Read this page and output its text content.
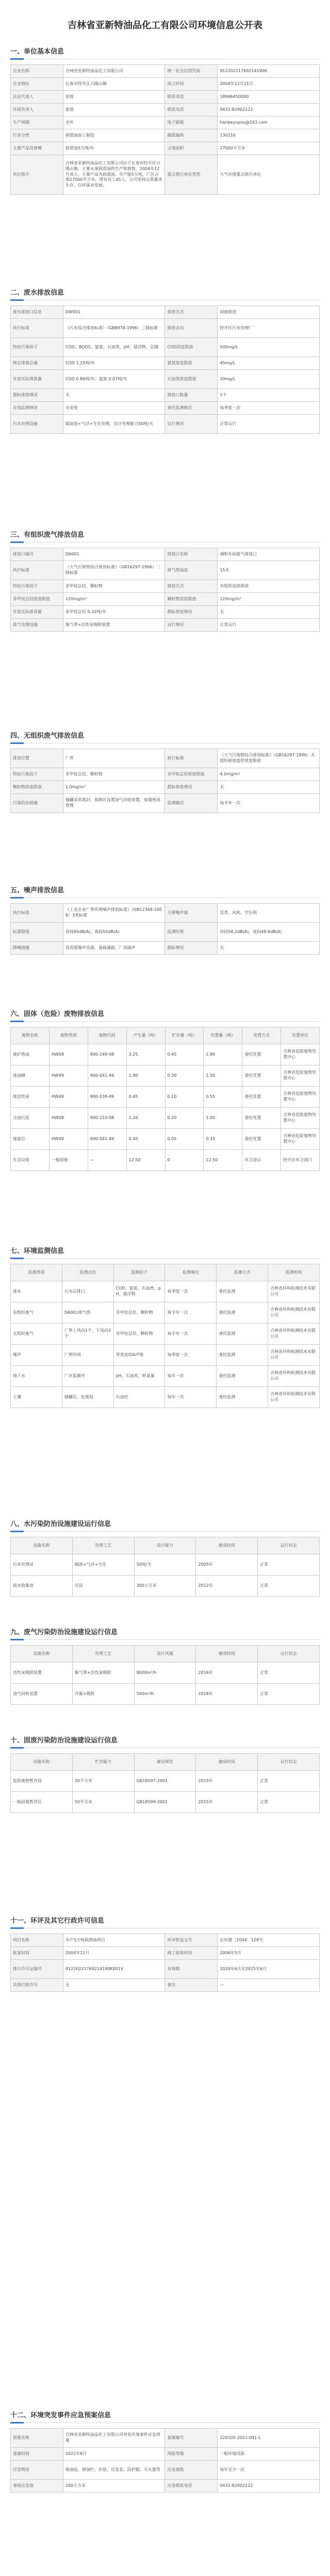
吉林省亚新特油品化工有限公司环境信息公开表
一、单位基本信息
企业名称	吉林省亚新特油品化工有限公司	统一社会信用代码	91220221769214190K
企业地址	长春市经开区兴隆山镇	成立时间	2004年12月21日
法定代表人	张旭	联系电话	18946450000
环保负责人	张旭	联系电话	0431-82902222
生产周期	全年	电子邮箱	hanbeyuyou@163.com
行业分类	润滑油加工制造	邮政编码	130216
主要产品及规模	润滑油5万吨/年	占地面积	27000平方米
单位简介	吉林省亚新特油品化工有限公司位于长春市经开区兴隆山镇，主要从事润滑油的生产和销售，2004年12月成立，主要产品为润滑油，年产能5万吨，厂区占地27000平方米，现有员工45人，公司坚持以质量求生存，以环保求发展。	重点排污单位类型	大气环境重点排污单位
二、废水排放信息
废水排放口信息	DW001	排放方式	间接排放
执行标准	《污水综合排放标准》（GB8978-1996）三级标准	排放去向	经开区污水处理厂
特征污染因子	COD、BOD5、氨氮、石油类、pH、悬浮物、总磷	COD浓度限值	500mg/L
核定排放总量	COD 1.25吨/年	氨氮浓度限值	45mg/L
年度实际排放量	COD 0.86吨/年；氨氮 0.07吨/年	石油类浓度限值	20mg/L
超标排放情况	无	排放口数量	1个
在线监测情况	未安装	委托监测频次	每季度一次
污水处理设施	隔油池+气浮+生化处理，设计处理能力50吨/天	运行情况	正常运行
三、有组织废气排放信息
排放口编号	DA001	排放口名称	调和车间废气排放口
执行标准	《大气污染物综合排放标准》（GB16297-1996）二级标准	排气筒高度	15米
特征污染因子	非甲烷总烃、颗粒物	排放方式	有组织连续排放
非甲烷总烃浓度限值	120mg/m³	颗粒物浓度限值	120mg/m³
年度实际排放量	非甲烷总烃 0.32吨/年	超标排放情况	无
废气处理设施	集气罩+活性炭吸附装置	运行情况	正常运行
四、无组织废气排放信息
排放位置	厂界	执行标准	《大气污染物综合排放标准》（GB16297-1996）无组织排放监控浓度限值
特征污染因子	非甲烷总烃、颗粒物	非甲烷总烃浓度限值	4.0mg/m³
颗粒物浓度限值	1.0mg/m³	超标排放情况	无
污染防治措施	储罐采用氮封，装卸区设置油气回收装置，加强密闭管理	监测频次	每半年一次
五、噪声排放信息
执行标准	《工业企业厂界环境噪声排放标准》（GB12348-2008）3类标准	主要噪声源	泵类、风机、空压机
标准限值	昼间65dB(A)，夜间55dB(A)	监测结果	昼间58.2dB(A)，夜间48.6dB(A)
降噪措施	选用低噪声设备，基础减振，厂房隔声	超标情况	无
六、固体（危险）废物排放信息
废物名称	废物类别	废物代码	产生量（吨）	贮存量（吨）	处置量（吨）	处置方式	处置单位
废矿物油	HW08	900-249-08	3.25	0.45	2.80	委托处置	吉林省危险废物处置中心
废油桶	HW49	900-041-49	1.80	0.30	1.50	委托处置	吉林省危险废物处置中心
废活性炭	HW49	900-039-49	0.65	0.10	0.55	委托处置	吉林省危险废物处置中心
含油污泥	HW08	900-210-08	1.20	0.20	1.00	委托处置	吉林省危险废物处置中心
废滤芯	HW49	900-041-49	0.40	0.05	0.35	委托处置	吉林省危险废物处置中心
生活垃圾	一般固废	—	12.50	0	12.50	环卫清运	经开区环卫部门
七、环境监测信息
监测类别	监测点位	监测因子	监测频次	监测方式	监测机构
废水	污水总排口	COD、氨氮、石油类、pH、悬浮物	每季度一次	委托监测	吉林省环科检测技术有限公司
有组织废气	DA001排气筒	非甲烷总烃、颗粒物	每半年一次	委托监测	吉林省环科检测技术有限公司
无组织废气	厂界上风向1个、下风向3个	非甲烷总烃、颗粒物	每半年一次	委托监测	吉林省环科检测技术有限公司
噪声	厂界四周	等效连续A声级	每季度一次	委托监测	吉林省环科检测技术有限公司
地下水	厂区监测井	pH、石油类、耗氧量	每年一次	委托监测	吉林省环科检测技术有限公司
土壤	储罐区、危废间	石油烃	每年一次	委托监测	吉林省环科检测技术有限公司
八、水污染防治设施建设运行信息
设施名称	处理工艺	设计能力	建成时间	运行状态
污水处理站	隔油+气浮+生化	50吨/天	2005年	正常
雨水收集池	沉淀	300立方米	2012年	正常
九、废气污染防治设施建设运行信息
设施名称	处理工艺	设计风量	建成时间	运行状态
活性炭吸附装置	集气罩+活性炭吸附	8000m³/h	2016年	正常
油气回收装置	冷凝+吸附	500m³/h	2018年	正常
十、固废污染防治设施建设运行信息
设施名称	贮存能力	建设规范	建成时间	运行状态
危险废物暂存间	30平方米	GB18597-2001	2015年	正常
一般固废暂存区	50平方米	GB18599-2001	2015年	正常
十一、环评及其它行政许可信息
项目名称	年产5万吨润滑油项目	环评批复文号	长环建〔2004〕128号
批复时间	2004年11月	竣工验收时间	2006年5月
排污许可证编号	91220221769214190K001V	有效期	2020年6月至2025年6月
其他行政许可	无	备注	—
十二、环境突发事件应急预案信息
预案名称	吉林省亚新特油品化工有限公司突发环境事件应急预案	备案编号	220105-2022-041-L
备案时间	2022年8月	风险等级	一般环境风险
应急物资	吸油毡、围油栏、沙袋、应急泵、防护服、灭火器等	应急演练	每年至少一次
事故应急池	200立方米	应急联系电话	0431-82902222
